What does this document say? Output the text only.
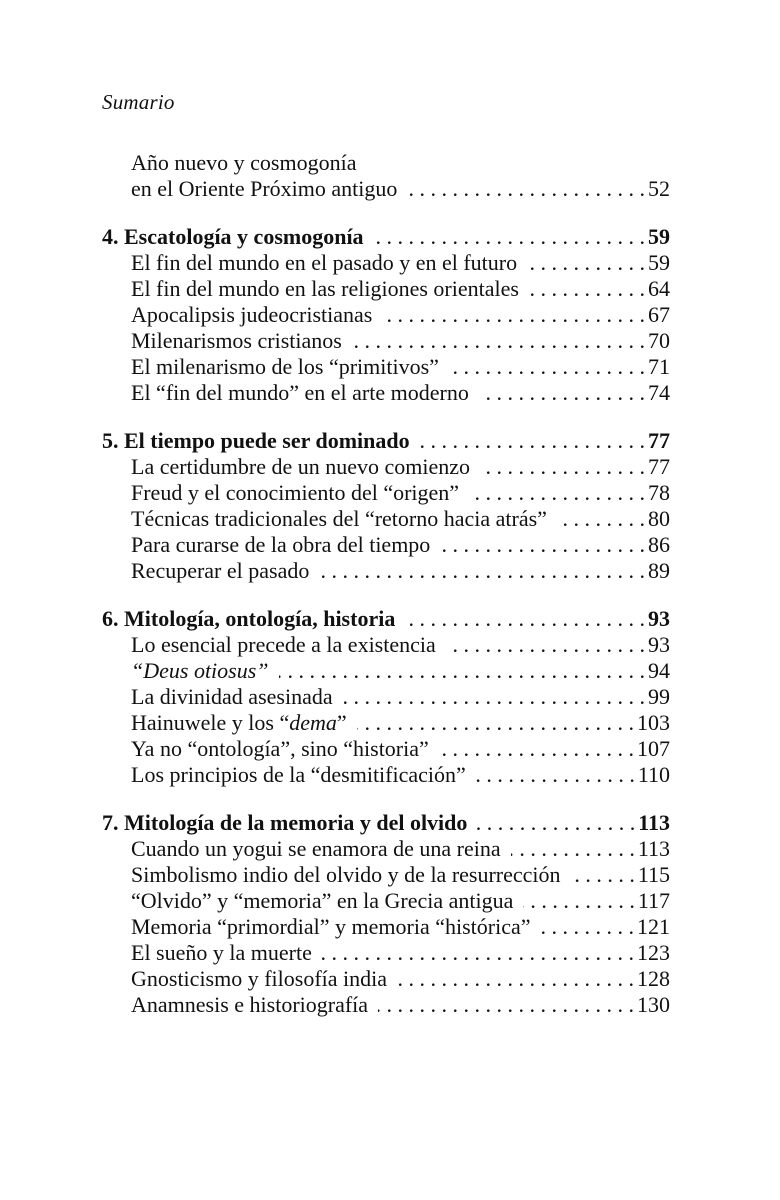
Sumario
Año nuevo y cosmogonía
en el Oriente Próximo antiguo . . .	52
4. Escatología y cosmogonía . . .	59
El fin del mundo en el pasado y en el futuro . . .	59
El fin del mundo en las religiones orientales . . .	64
Apocalipsis judeocristianas . . .	67
Milenarismos cristianos . . .	70
El milenarismo de los “primitivos” . . .	71
El “fin del mundo” en el arte moderno . . .	74
5. El tiempo puede ser dominado . . .	77
La certidumbre de un nuevo comienzo . . .	77
Freud y el conocimiento del “origen” . . .	78
Técnicas tradicionales del “retorno hacia atrás” . . .	80
Para curarse de la obra del tiempo . . .	86
Recuperar el pasado . . .	89
6. Mitología, ontología, historia . . .	93
Lo esencial precede a la existencia . . .	93
“Deus otiosus” . . .	94
La divinidad asesinada . . .	99
Hainuwele y los “dema” . . .	103
Ya no “ontología”, sino “historia” . . .	107
Los principios de la “desmitificación” . . .	110
7. Mitología de la memoria y del olvido . . .	113
Cuando un yogui se enamora de una reina . . .	113
Simbolismo indio del olvido y de la resurrección . . .	115
“Olvido” y “memoria” en la Grecia antigua . . .	117
Memoria “primordial” y memoria “histórica” . . .	121
El sueño y la muerte . . .	123
Gnosticismo y filosofía india . . .	128
Anamnesis e historiografía . . .	130
